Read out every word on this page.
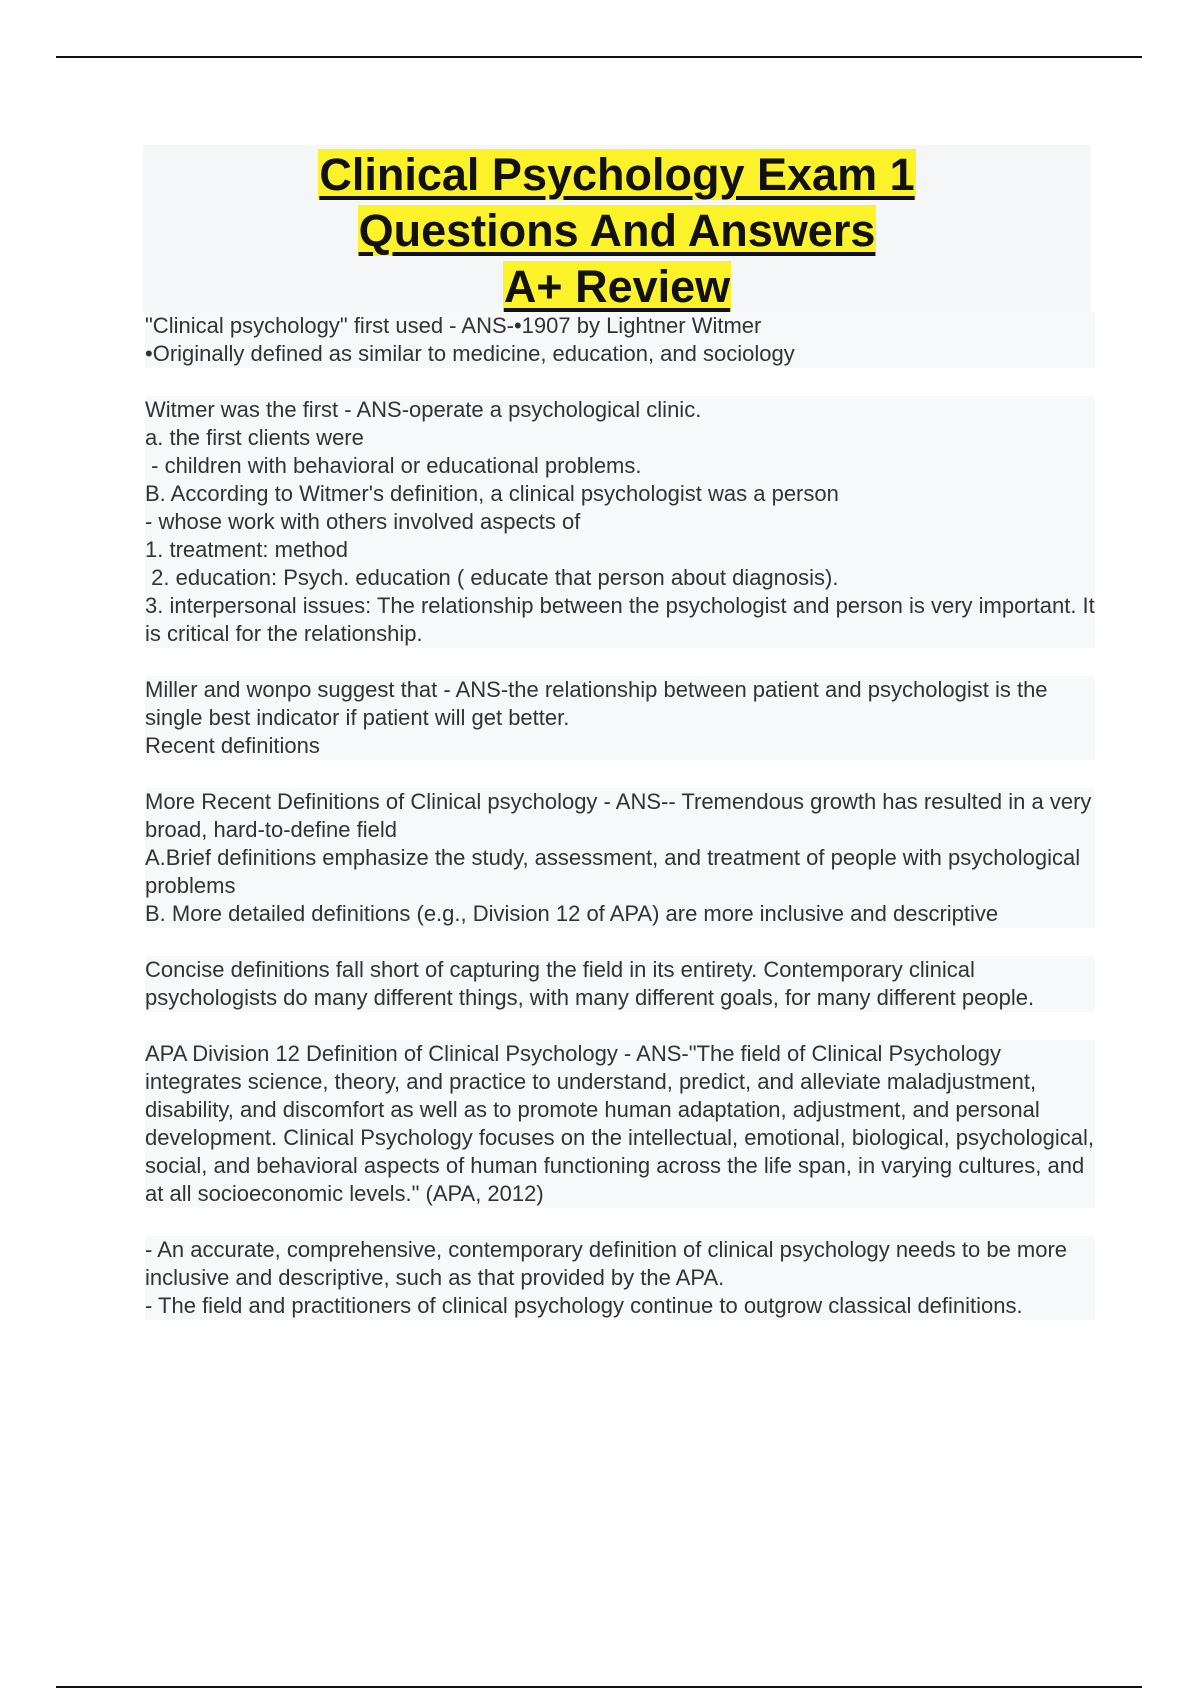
Clinical Psychology Exam 1
Questions And Answers
A+ Review
"Clinical psychology" first used - ANS-•1907 by Lightner Witmer
•Originally defined as similar to medicine, education, and sociology
Witmer was the first - ANS-operate a psychological clinic.
a. the first clients were
- children with behavioral or educational problems.
B. According to Witmer's definition, a clinical psychologist was a person
- whose work with others involved aspects of
1. treatment: method
2. education: Psych. education ( educate that person about diagnosis).
3. interpersonal issues: The relationship between the psychologist and person is very important. It is critical for the relationship.
Miller and wonpo suggest that - ANS-the relationship between patient and psychologist is the single best indicator if patient will get better.
Recent definitions
More Recent Definitions of Clinical psychology - ANS-- Tremendous growth has resulted in a very broad, hard-to-define field
A.Brief definitions emphasize the study, assessment, and treatment of people with psychological problems
B. More detailed definitions (e.g., Division 12 of APA) are more inclusive and descriptive
Concise definitions fall short of capturing the field in its entirety. Contemporary clinical psychologists do many different things, with many different goals, for many different people.
APA Division 12 Definition of Clinical Psychology - ANS-"The field of Clinical Psychology integrates science, theory, and practice to understand, predict, and alleviate maladjustment, disability, and discomfort as well as to promote human adaptation, adjustment, and personal development. Clinical Psychology focuses on the intellectual, emotional, biological, psychological, social, and behavioral aspects of human functioning across the life span, in varying cultures, and at all socioeconomic levels." (APA, 2012)
- An accurate, comprehensive, contemporary definition of clinical psychology needs to be more inclusive and descriptive, such as that provided by the APA.
- The field and practitioners of clinical psychology continue to outgrow classical definitions.
